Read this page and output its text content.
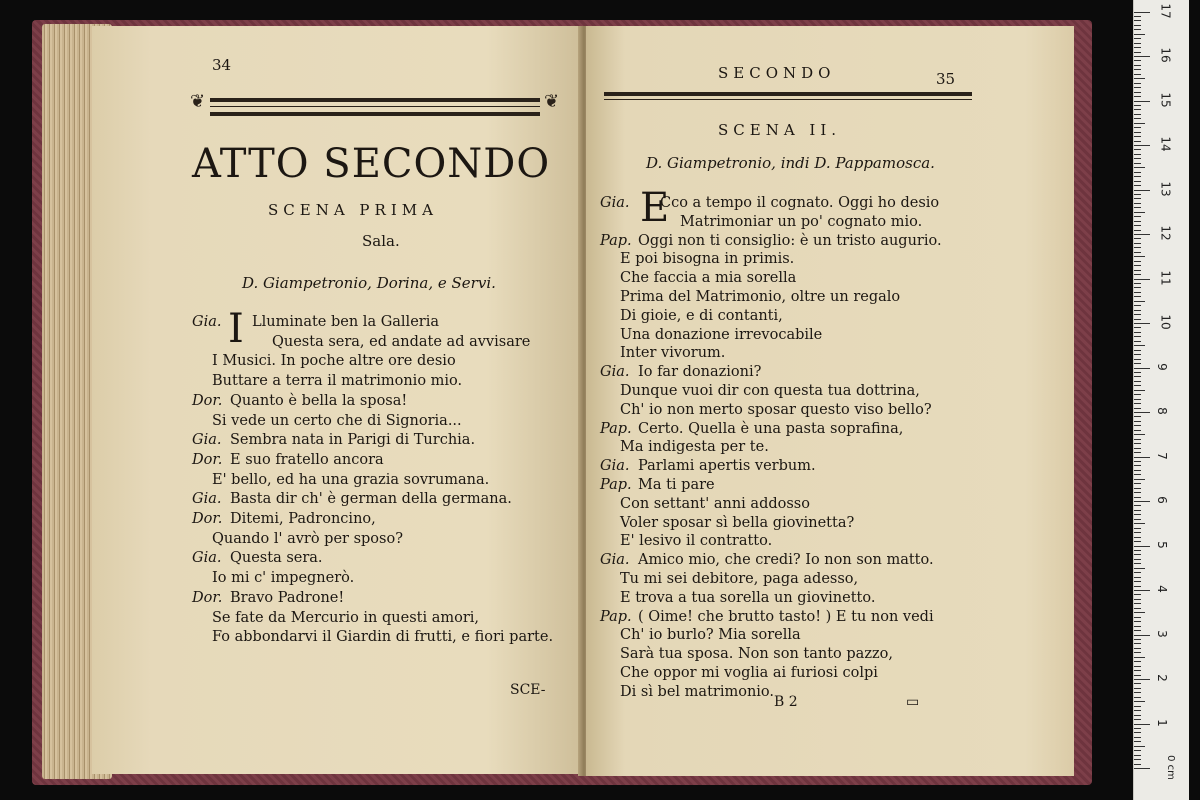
34
❦	❦
ATTO SECONDO
SCENA PRIMA
Sala.
D. Giampetronio, Dorina, e Servi.
I
Gia. Lluminate ben la Galleria
Questa sera, ed andate ad avvisare
I Musici. In poche altre ore desio
Buttare a terra il matrimonio mio.
Dor. Quanto è bella la sposa!
Si vede un certo che di Signoria...
Gia. Sembra nata in Parigi di Turchia.
Dor. E suo fratello ancora
E' bello, ed ha una grazia sovrumana.
Gia. Basta dir ch' è german della germana.
Dor. Ditemi, Padroncino,
Quando l' avrò per sposo?
Gia. Questa sera.
Io mi c' impegnerò.
Dor. Bravo Padrone!
Se fate da Mercurio in questi amori,
Fo abbondarvi il Giardin di frutti, e fiori parte.
SCE-
SECONDO	35
SCENA II.
D. Giampetronio, indi D. Pappamosca.
E
Gia. Cco a tempo il cognato. Oggi ho desio
Matrimoniar un po' cognato mio.
Pap. Oggi non ti consiglio: è un tristo augurio.
E poi bisogna in primis.
Che faccia a mia sorella
Prima del Matrimonio, oltre un regalo
Di gioie, e di contanti,
Una donazione irrevocabile
Inter vivorum.
Gia. Io far donazioni?
Dunque vuoi dir con questa tua dottrina,
Ch' io non merto sposar questo viso bello?
Pap. Certo. Quella è una pasta soprafina,
Ma indigesta per te.
Gia. Parlami apertis verbum.
Pap. Ma ti pare
Con settant' anni addosso
Voler sposar sì bella giovinetta?
E' lesivo il contratto.
Gia. Amico mio, che credi? Io non son matto.
Tu mi sei debitore, paga adesso,
E trova a tua sorella un giovinetto.
Pap. ( Oime! che brutto tasto! ) E tu non vedi
Ch' io burlo? Mia sorella
Sarà tua sposa. Non son tanto pazzo,
Che oppor mi voglia ai furiosi colpi
Di sì bel matrimonio.
B 2	▭
0 cm
1
2
3
4
5
6
7
8
9
10
11
12
13
14
15
16
17
